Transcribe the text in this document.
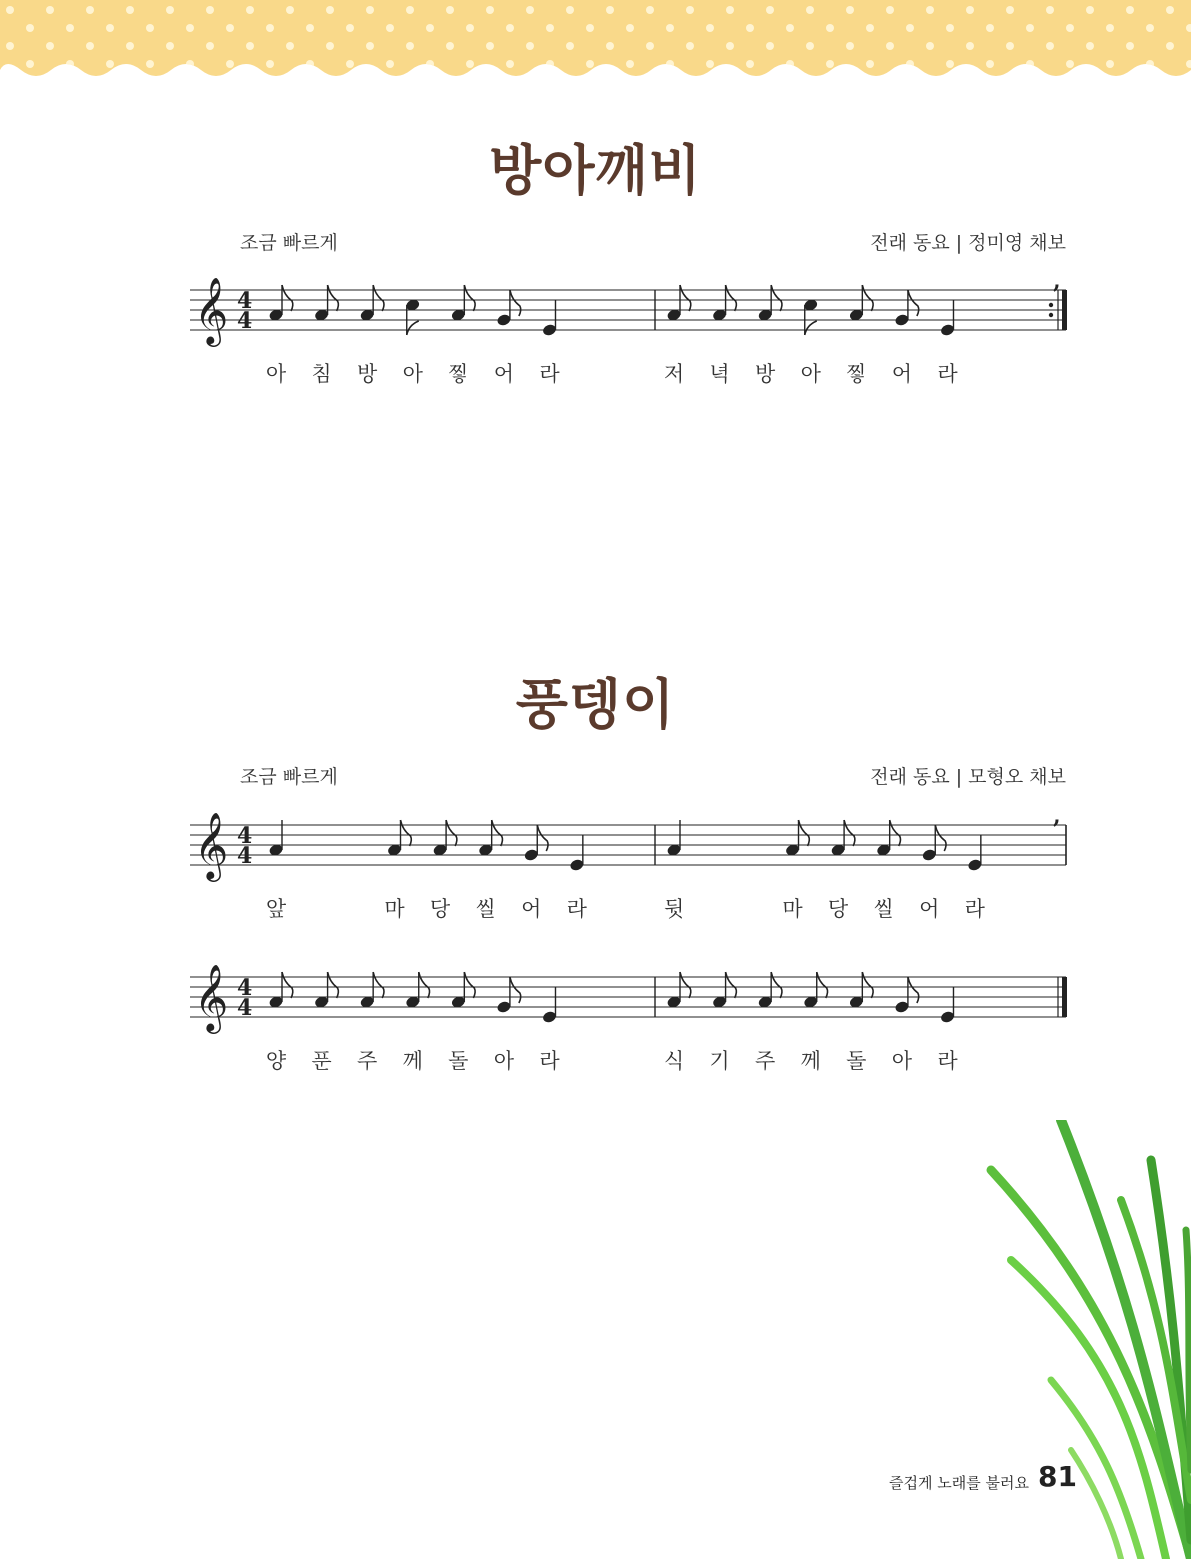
방아깨비
조금 빠르게	전래 동요 | 정미영 채보
𝄞 4
4
,
아 침 방 아 찧 어 라	저 녁 방 아 찧 어 라
풍뎅이
조금 빠르게	전래 동요 | 모형오 채보
𝄞 4
4
,
앞	마 당 씰 어 라	뒷	마 당 씰 어 라
𝄞 4
4
양 푼 주 께 돌 아 라	식 기 주 께 돌 아 라
즐겁게 노래를 불러요 81
